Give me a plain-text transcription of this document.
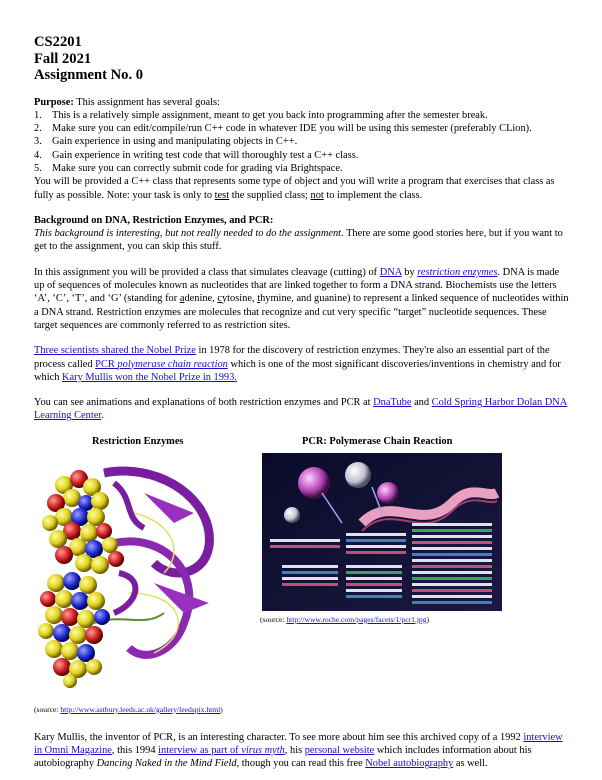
CS2201
Fall 2021
Assignment No. 0

Purpose: This assignment has several goals:

1. This is a relatively simple assignment, meant to get you back into programming after the semester break.
2. Make sure you can edit/compile/run C++ code in whatever IDE you will be using this semester (preferably CLion).
3. Gain experience in using and manipulating objects in C++.
4. Gain experience in writing test code that will thoroughly test a C++ class.
5. Make sure you can correctly submit code for grading via Brightspace.

You will be provided a C++ class that represents some type of object and you will write a program that exercises that class as fully as possible. Note: your task is only to test the supplied class; not to implement the class.

Background on DNA, Restriction Enzymes, and PCR:

This background is interesting, but not really needed to do the assignment. There are some good stories here, but if you want to get to the assignment, you can skip this stuff.

In this assignment you will be provided a class that simulates cleavage (cutting) of DNA by restriction enzymes. DNA is made up of sequences of molecules known as nucleotides that are linked together to form a DNA strand. Biochemists use the letters ‘A’, ‘C’, ‘T’, and ‘G’ (standing for adenine, cytosine, thymine, and guanine) to represent a linked sequence of nucleotides within a DNA strand. Restriction enzymes are molecules that recognize and cut very specific “target” nucleotide sequences. These target sequences are commonly referred to as restriction sites.

Three scientists shared the Nobel Prize in 1978 for the discovery of restriction enzymes. They're also an essential part of the process called PCR polymerase chain reaction which is one of the most significant discoveries/inventions in chemistry and for which Kary Mullis won the Nobel Prize in 1993.

You can see animations and explanations of both restriction enzymes and PCR at DnaTube and Cold Spring Harbor Dolan DNA Learning Center.

Restriction Enzymes	PCR: Polymerase Chain Reaction
(source: http://www.roche.com/pages/facets/1/pcr1.jpg)
(source: http://www.astbury.leeds.ac.uk/gallery/leedspix.html)

Kary Mullis, the inventor of PCR, is an interesting character. To see more about him see this archived copy of a 1992 interview in Omni Magazine, this 1994 interview as part of virus myth, his personal website which includes information about his autobiography Dancing Naked in the Mind Field, though you can read this free Nobel autobiography as well.
